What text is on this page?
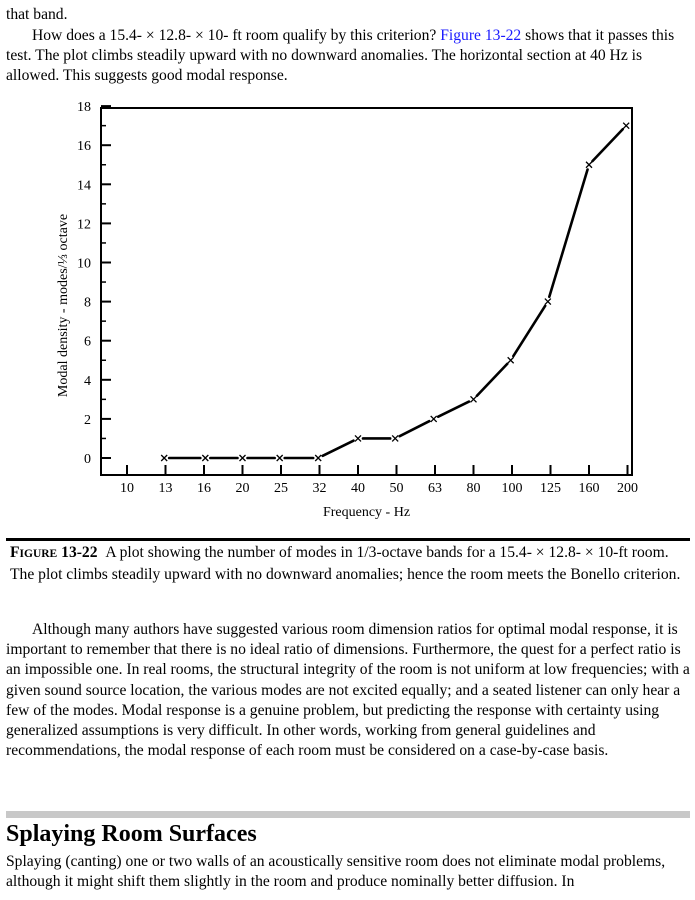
that band.

How does a 15.4- × 12.8- × 10- ft room qualify by this criterion? Figure 13-22 shows that it passes this test. The plot climbs steadily upward with no downward anomalies. The horizontal section at 40 Hz is allowed. This suggests good modal response.

0
2
4
6
8
10
12
14
16
18
10 13 16 20 25 32 40 50 63 80 100 125 160 200
Frequency - Hz
Modal density - modes/⅓ octave
FIGURE 13-22 A plot showing the number of modes in 1/3-octave bands for a 15.4- × 12.8- × 10-ft room. The plot climbs steadily upward with no downward anomalies; hence the room meets the Bonello criterion.

Although many authors have suggested various room dimension ratios for optimal modal response, it is important to remember that there is no ideal ratio of dimensions. Furthermore, the quest for a perfect ratio is an impossible one. In real rooms, the structural integrity of the room is not uniform at low frequencies; with a given sound source location, the various modes are not excited equally; and a seated listener can only hear a few of the modes. Modal response is a genuine problem, but predicting the response with certainty using generalized assumptions is very difficult. In other words, working from general guidelines and recommendations, the modal response of each room must be considered on a case-by-case basis.

Splaying Room Surfaces

Splaying (canting) one or two walls of an acoustically sensitive room does not eliminate modal problems, although it might shift them slightly in the room and produce nominally better diffusion. In
